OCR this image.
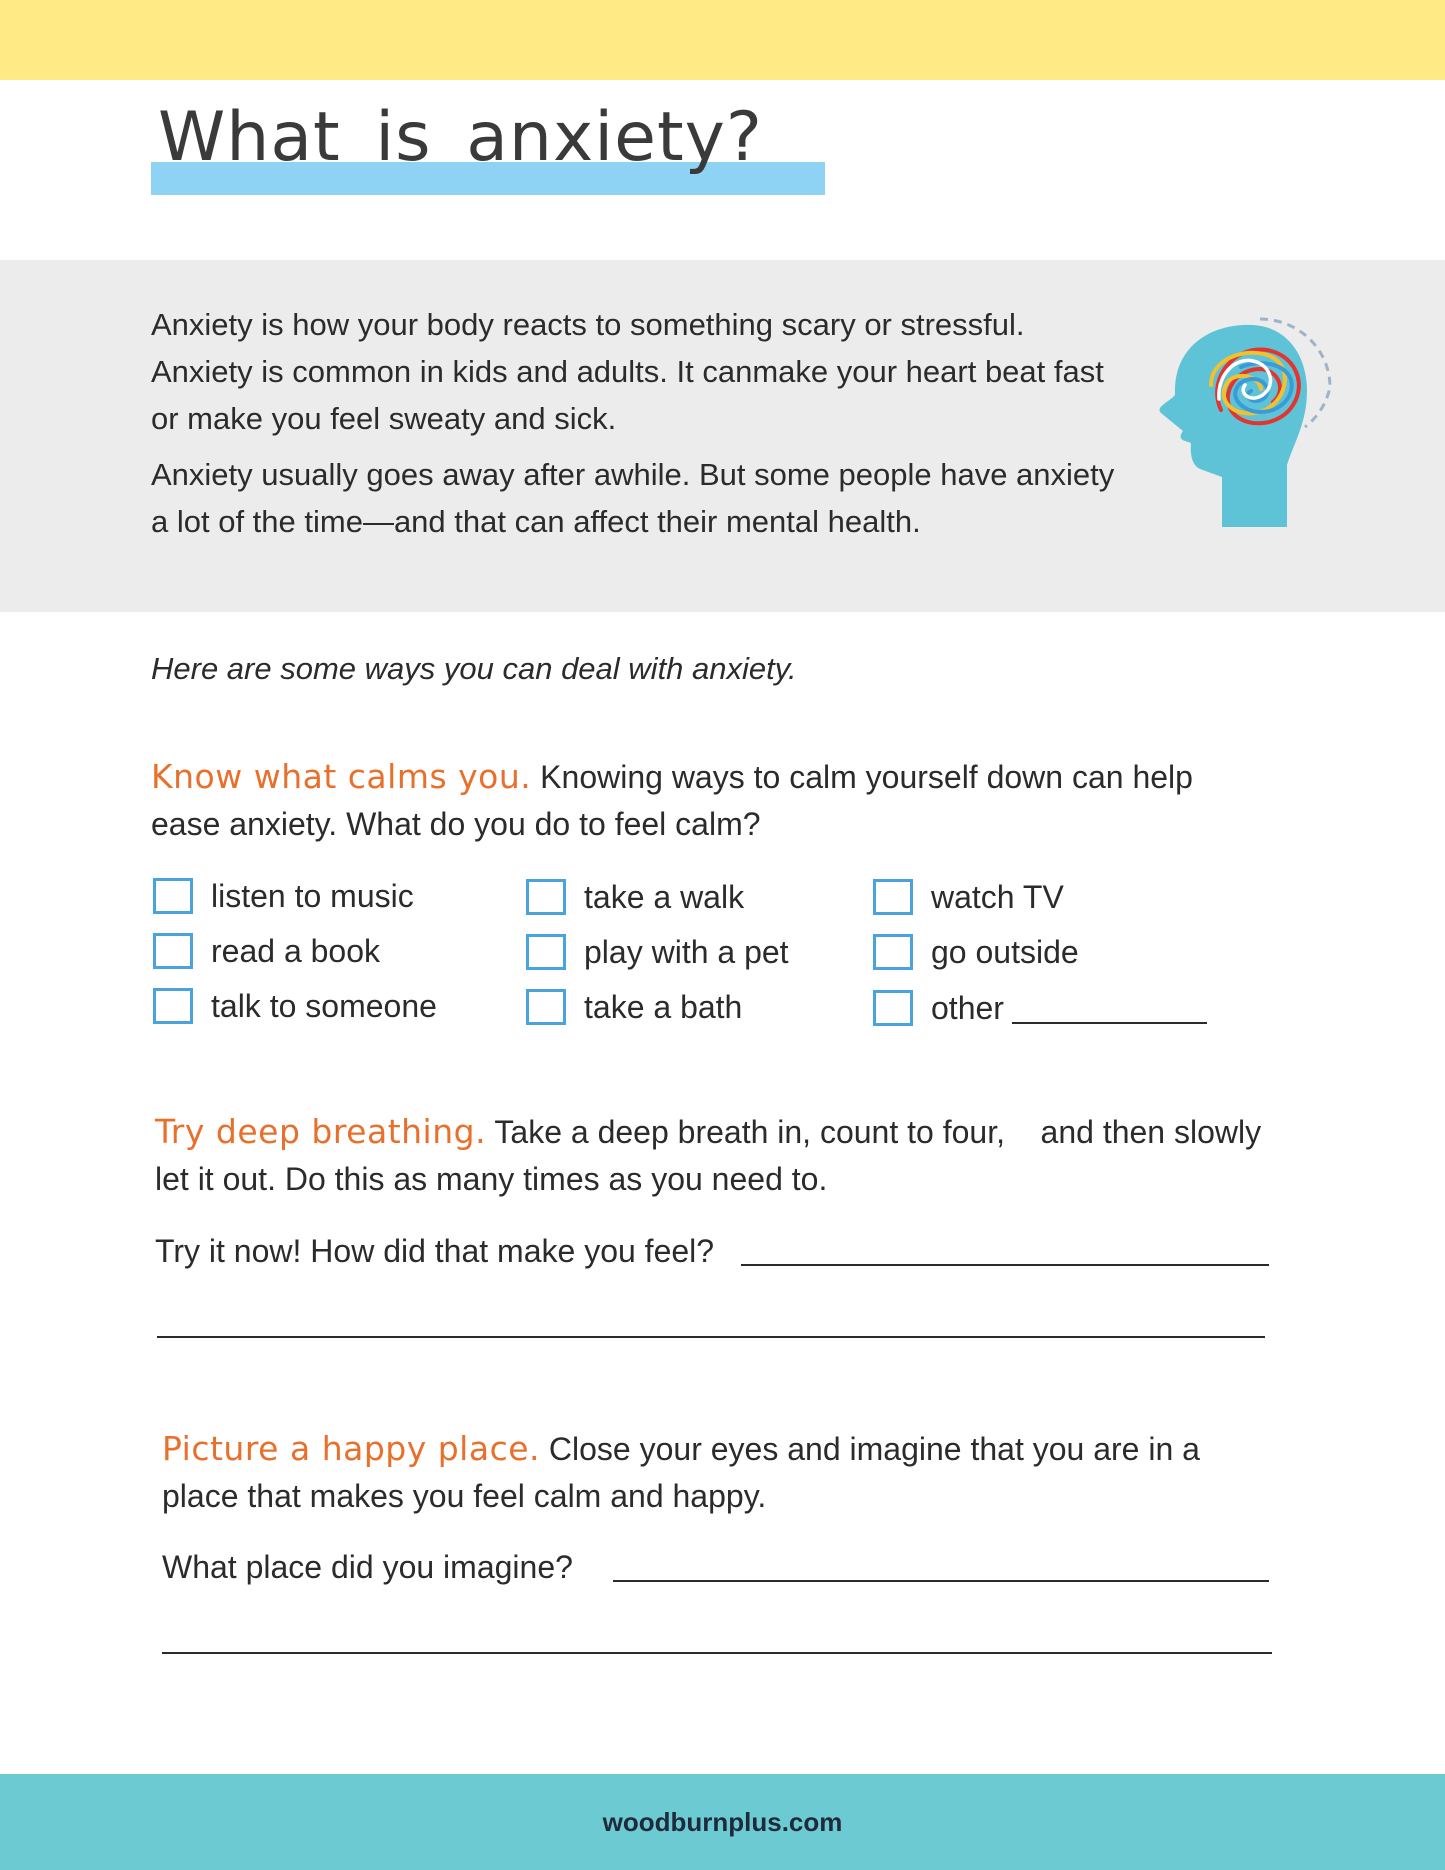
What is anxiety?

Anxiety is how your body reacts to something scary or stressful. Anxiety is common in kids and adults. It canmake your heart beat fast or make you feel sweaty and sick.

Anxiety usually goes away after awhile. But some people have anxiety a lot of the time—and that can affect their mental health.

Here are some ways you can deal with anxiety.

Know what calms you. Knowing ways to calm yourself down can help ease anxiety. What do you do to feel calm?

listen to music	take a walk	watch TV
read a book	play with a pet	go outside
talk to someone	take a bath	other

Try deep breathing. Take a deep breath in, count to four,    and then slowly let it out. Do this as many times as you need to.

Try it now! How did that make you feel?

Picture a happy place. Close your eyes and imagine that you are in a place that makes you feel calm and happy.

What place did you imagine?

woodburnplus.com
